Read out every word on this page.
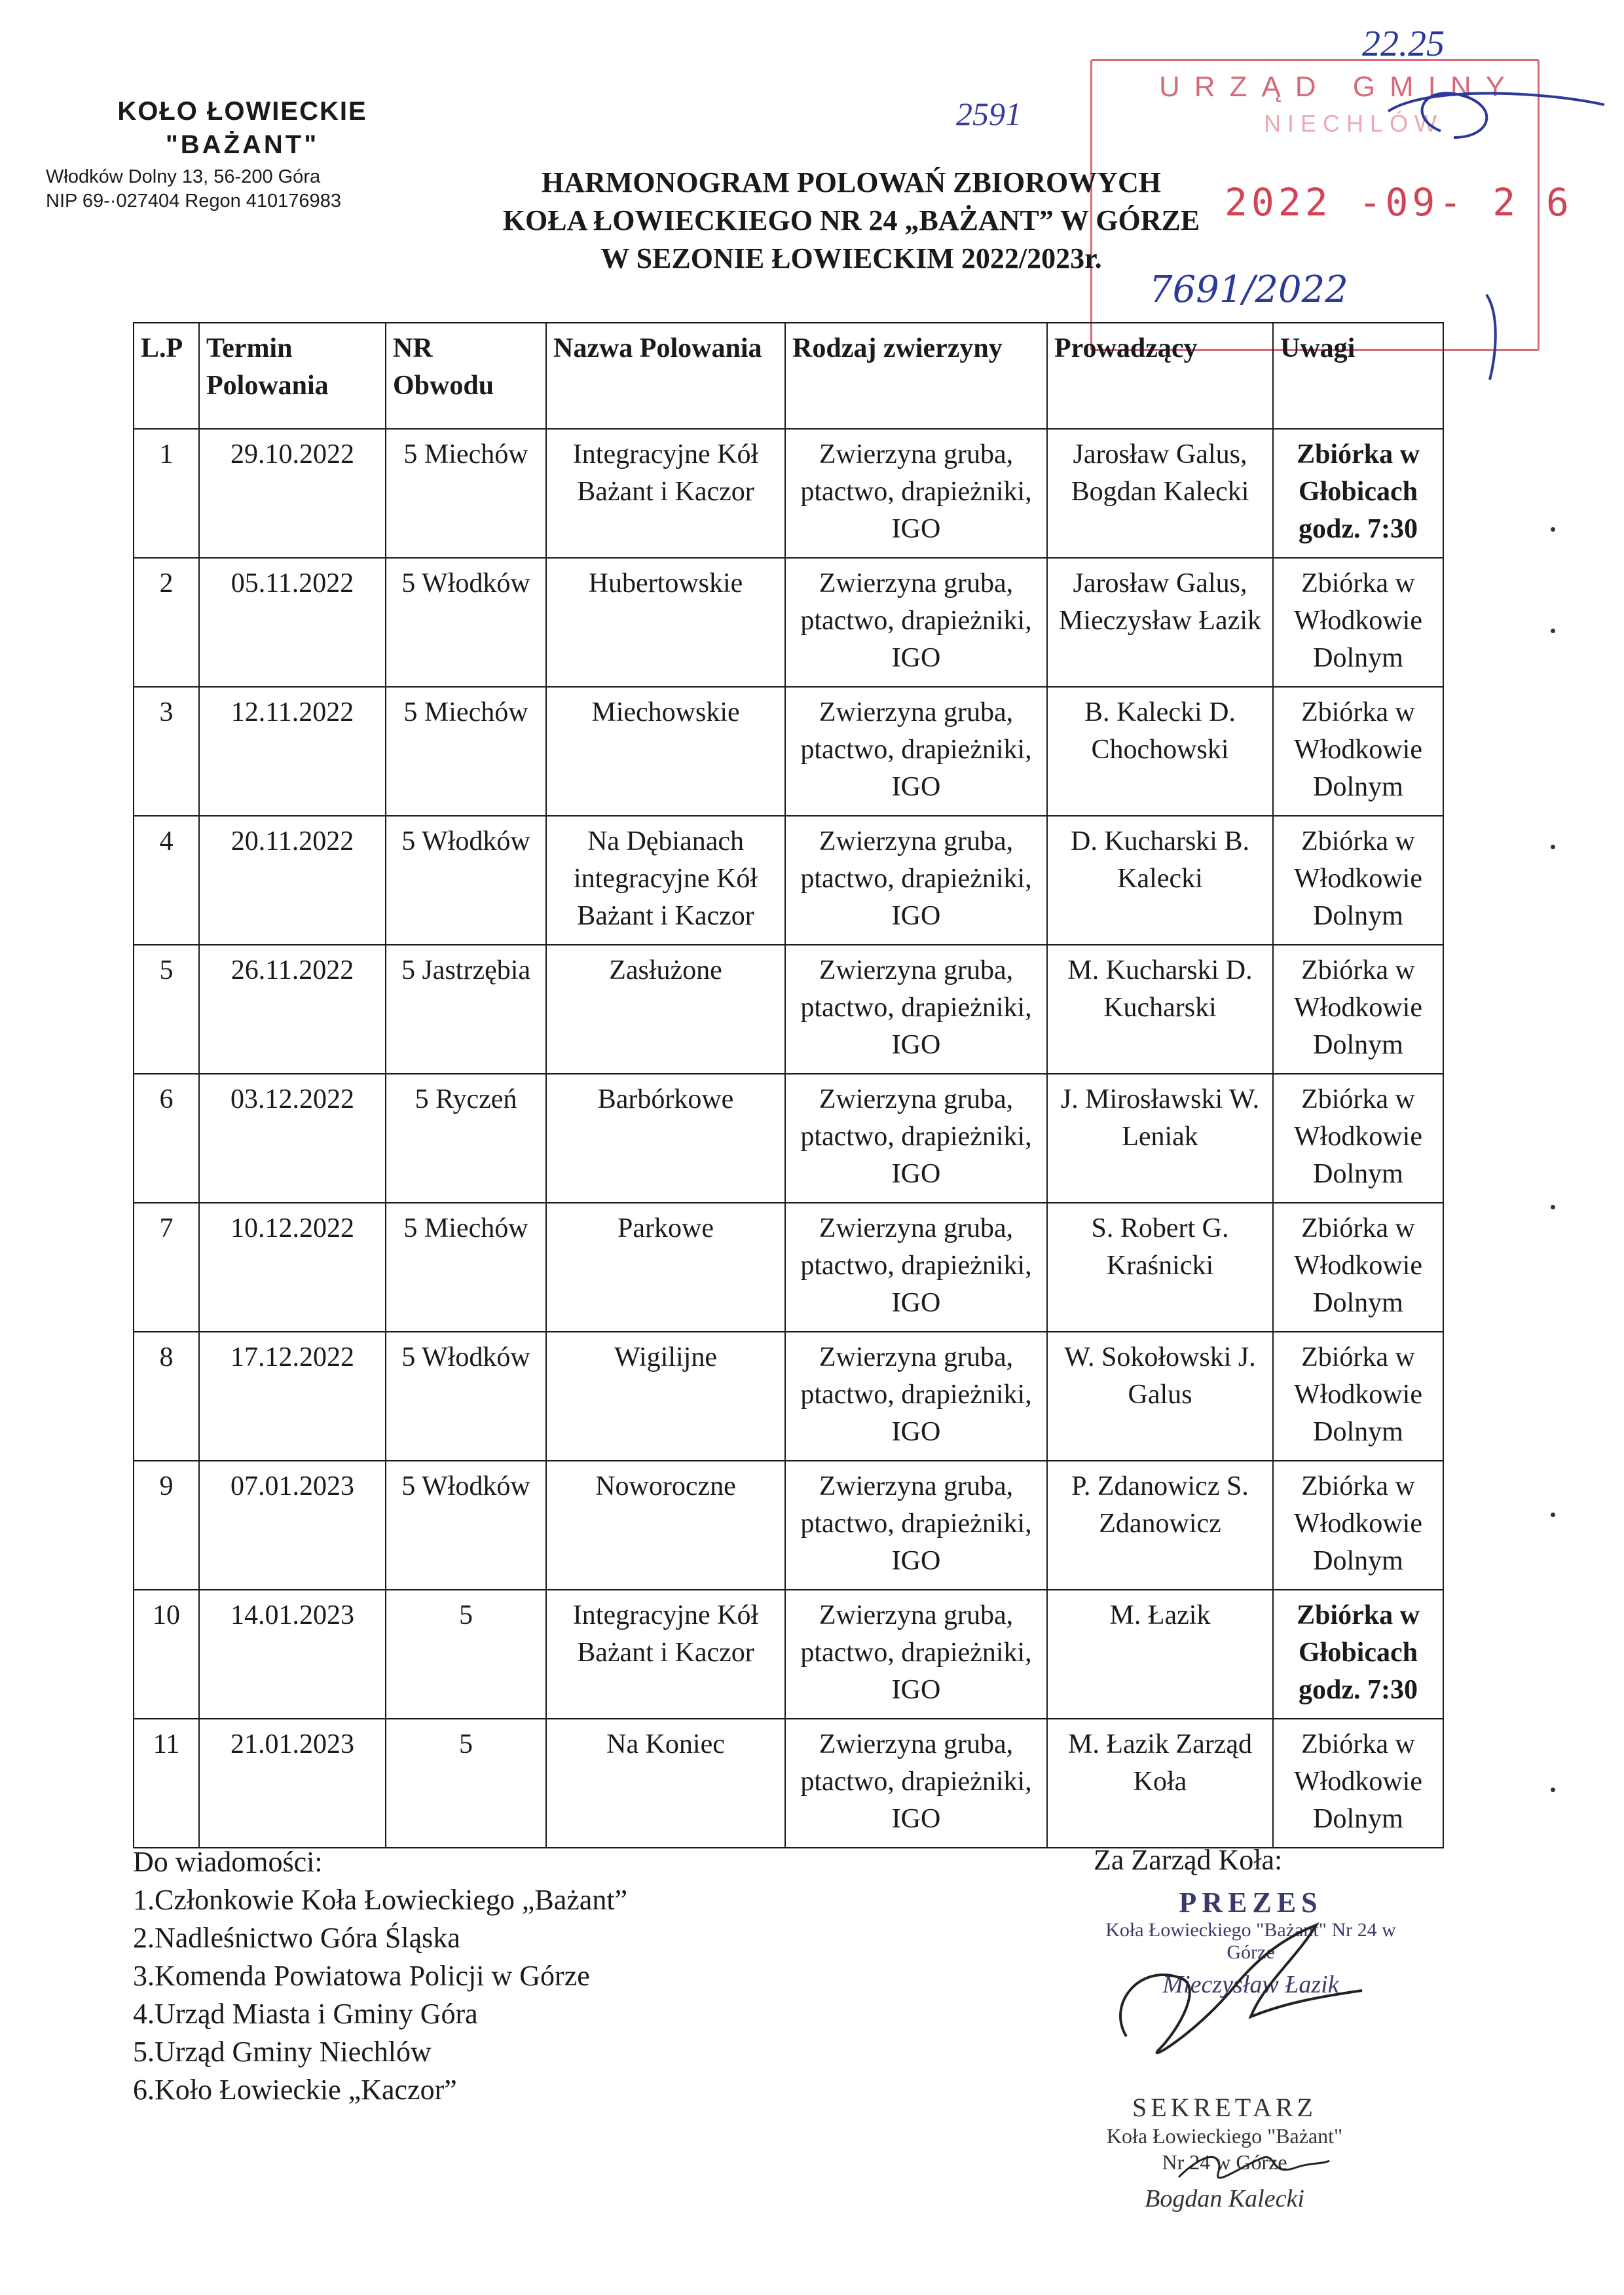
KOŁO ŁOWIECKIE
"BAŻANT"
Włodków Dolny 13, 56-200 Góra
NIP 69-·027404 Regon 410176983
2591
22.25
URZĄD GMINY
NIECHLÓW
2022 -09- 2 6
7691/2022
HARMONOGRAM POLOWAŃ ZBIOROWYCH
KOŁA ŁOWIECKIEGO NR 24 „BAŻANT” W GÓRZE
W SEZONIE ŁOWIECKIM 2022/2023r.
L.P	Termin Polowania	NR Obwodu	Nazwa Polowania	Rodzaj zwierzyny	Prowadzący	Uwagi
1	29.10.2022	5 Miechów	Integracyjne Kół Bażant i Kaczor	Zwierzyna gruba, ptactwo, drapieżniki, IGO	Jarosław Galus, Bogdan Kalecki	Zbiórka w Głobicach godz. 7:30
2	05.11.2022	5 Włodków	Hubertowskie	Zwierzyna gruba, ptactwo, drapieżniki, IGO	Jarosław Galus, Mieczysław Łazik	Zbiórka w Włodkowie Dolnym
3	12.11.2022	5 Miechów	Miechowskie	Zwierzyna gruba, ptactwo, drapieżniki, IGO	B. Kalecki D. Chochowski	Zbiórka w Włodkowie Dolnym
4	20.11.2022	5 Włodków	Na Dębianach integracyjne Kół Bażant i Kaczor	Zwierzyna gruba, ptactwo, drapieżniki, IGO	D. Kucharski B. Kalecki	Zbiórka w Włodkowie Dolnym
5	26.11.2022	5 Jastrzębia	Zasłużone	Zwierzyna gruba, ptactwo, drapieżniki, IGO	M. Kucharski D. Kucharski	Zbiórka w Włodkowie Dolnym
6	03.12.2022	5 Ryczeń	Barbórkowe	Zwierzyna gruba, ptactwo, drapieżniki, IGO	J. Mirosławski W. Leniak	Zbiórka w Włodkowie Dolnym
7	10.12.2022	5 Miechów	Parkowe	Zwierzyna gruba, ptactwo, drapieżniki, IGO	S. Robert G. Kraśnicki	Zbiórka w Włodkowie Dolnym
8	17.12.2022	5 Włodków	Wigilijne	Zwierzyna gruba, ptactwo, drapieżniki, IGO	W. Sokołowski J. Galus	Zbiórka w Włodkowie Dolnym
9	07.01.2023	5 Włodków	Noworoczne	Zwierzyna gruba, ptactwo, drapieżniki, IGO	P. Zdanowicz S. Zdanowicz	Zbiórka w Włodkowie Dolnym
10	14.01.2023	5	Integracyjne Kół Bażant i Kaczor	Zwierzyna gruba, ptactwo, drapieżniki, IGO	M. Łazik	Zbiórka w Głobicach godz. 7:30
11	21.01.2023	5	Na Koniec	Zwierzyna gruba, ptactwo, drapieżniki, IGO	M. Łazik Zarząd Koła	Zbiórka w Włodkowie Dolnym
Do wiadomości:
1.Członkowie Koła Łowieckiego „Bażant”
2.Nadleśnictwo Góra Śląska
3.Komenda Powiatowa Policji w Górze
4.Urząd Miasta i Gminy Góra
5.Urząd Gminy Niechlów
6.Koło Łowieckie „Kaczor”
Za Zarząd Koła:
PREZES
Koła Łowieckiego "Bażant" Nr 24 w Górze
Mieczysław Łazik
SEKRETARZ
Koła Łowieckiego "Bażant"
Nr 24 w Górze
Bogdan Kalecki
